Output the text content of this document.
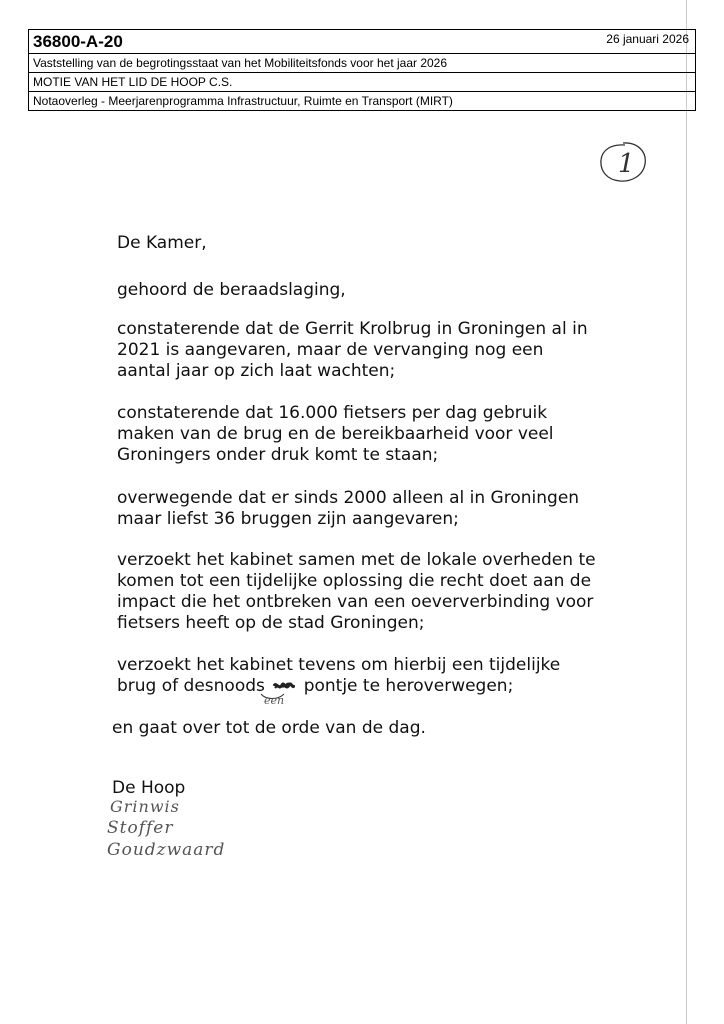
36800-A-20	26 januari 2026
Vaststelling van de begrotingsstaat van het Mobiliteitsfonds voor het jaar 2026
MOTIE VAN HET LID DE HOOP C.S.
Notaoverleg - Meerjarenprogramma Infrastructuur, Ruimte en Transport (MIRT)
1
De Kamer,
gehoord de beraadslaging,
constaterende dat de Gerrit Krolbrug in Groningen al in
2021 is aangevaren, maar de vervanging nog een
aantal jaar op zich laat wachten;
constaterende dat 16.000 fietsers per dag gebruik
maken van de brug en de bereikbaarheid voor veel
Groningers onder druk komt te staan;
overwegende dat er sinds 2000 alleen al in Groningen
maar liefst 36 bruggen zijn aangevaren;
verzoekt het kabinet samen met de lokale overheden te
komen tot een tijdelijke oplossing die recht doet aan de
impact die het ontbreken van een oeververbinding voor
fietsers heeft op de stad Groningen;
verzoekt het kabinet tevens om hierbij een tijdelijke
brug of desnoods pontje te heroverwegen;
een
en gaat over tot de orde van de dag.
De Hoop
Grinwis
Stoffer
Goudzwaard
